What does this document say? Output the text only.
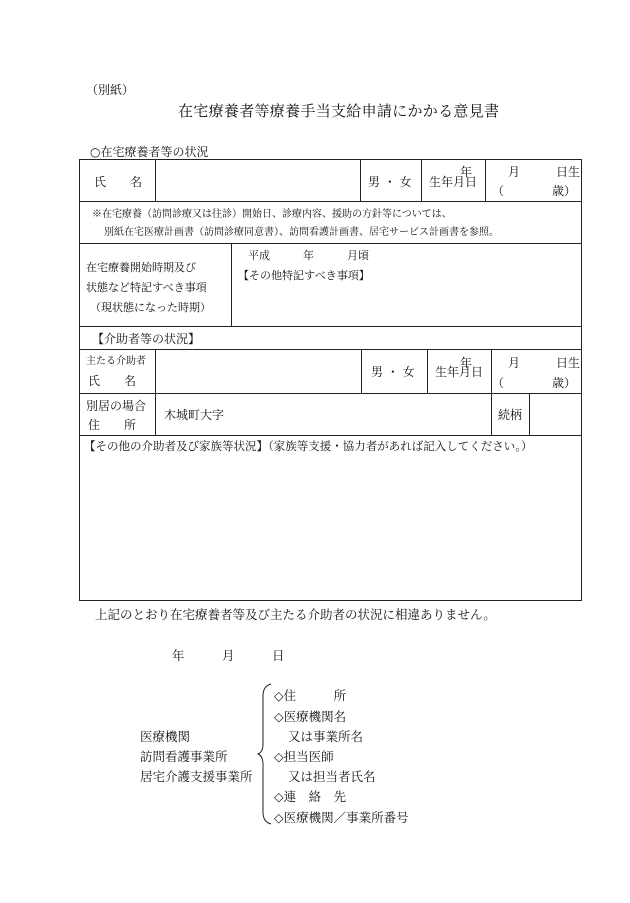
（別紙）
在宅療養者等療養手当支給申請にかかる意見書
○在宅療養者等の状況
氏　　名	男 ・ 女 生年月日
年　　　月　　　日生
（　　　　歳）
※在宅療養（訪問診療又は往診）開始日、診療内容、援助の方針等については、
別紙在宅医療計画書（訪問診療同意書）、訪問看護計画書、居宅サービス計画書を参照。
在宅療養開始時期及び
状態など特記すべき事項
（現状態になった時期）
平成　　　年　　　月頃
【その他特記すべき事項】
【介助者等の状況】
主たる介助者
氏　　名
男 ・ 女 生年月日
年　　　月　　　日生
（　　　　歳）
別居の場合
住　　所
木城町大字	続柄
【その他の介助者及び家族等状況】（家族等支援・協力者があれば記入してください。）
上記のとおり在宅療養者等及び主たる介助者の状況に相違ありません。
年　　　月　　　日
医療機関
訪問看護事業所
居宅介護支援事業所
◇住　　　所
◇医療機関名
又は事業所名
◇担当医師
又は担当者氏名
◇連　絡　先
◇医療機関／事業所番号
